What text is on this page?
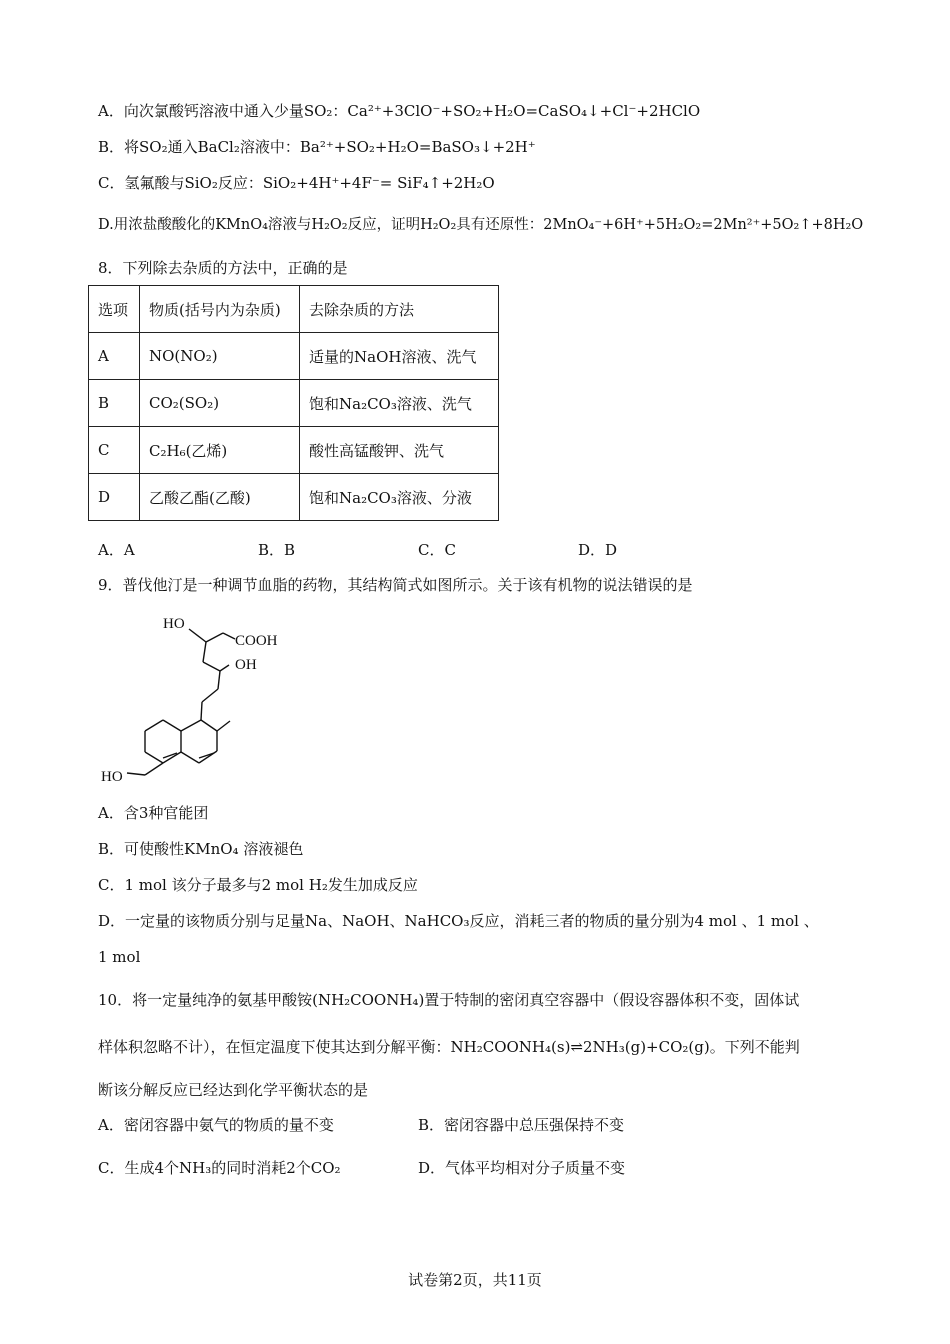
A．向次氯酸钙溶液中通入少量SO₂：Ca²⁺+3ClO⁻+SO₂+H₂O=CaSO₄↓+Cl⁻+2HClO
B．将SO₂通入BaCl₂溶液中：Ba²⁺+SO₂+H₂O=BaSO₃↓+2H⁺
C．氢氟酸与SiO₂反应：SiO₂+4H⁺+4F⁻= SiF₄↑+2H₂O
D.用浓盐酸酸化的KMnO₄溶液与H₂O₂反应，证明H₂O₂具有还原性：2MnO₄⁻+6H⁺+5H₂O₂=2Mn²⁺+5O₂↑+8H₂O
8．下列除去杂质的方法中，正确的是
选项	物质(括号内为杂质)	去除杂质的方法
A	NO(NO₂)	适量的NaOH溶液、洗气
B	CO₂(SO₂)	饱和Na₂CO₃溶液、洗气
C	C₂H₆(乙烯)	酸性高锰酸钾、洗气
D	乙酸乙酯(乙酸)	饱和Na₂CO₃溶液、分液
A．A	B．B	C．C	D．D
9．普伐他汀是一种调节血脂的药物，其结构简式如图所示。关于该有机物的说法错误的是
HO
COOH
OH
HO
A．含3种官能团
B．可使酸性KMnO₄ 溶液褪色
C．1 mol 该分子最多与2 mol H₂发生加成反应
D．一定量的该物质分别与足量Na、NaOH、NaHCO₃反应，消耗三者的物质的量分别为4 mol 、1 mol 、
1 mol
10．将一定量纯净的氨基甲酸铵(NH₂COONH₄)置于特制的密闭真空容器中（假设容器体积不变，固体试
样体积忽略不计），在恒定温度下使其达到分解平衡：NH₂COONH₄(s)⇌2NH₃(g)+CO₂(g)。下列不能判
断该分解反应已经达到化学平衡状态的是
A．密闭容器中氨气的物质的量不变	B．密闭容器中总压强保持不变
C．生成4个NH₃的同时消耗2个CO₂	D．气体平均相对分子质量不变
试卷第2页，共11页
